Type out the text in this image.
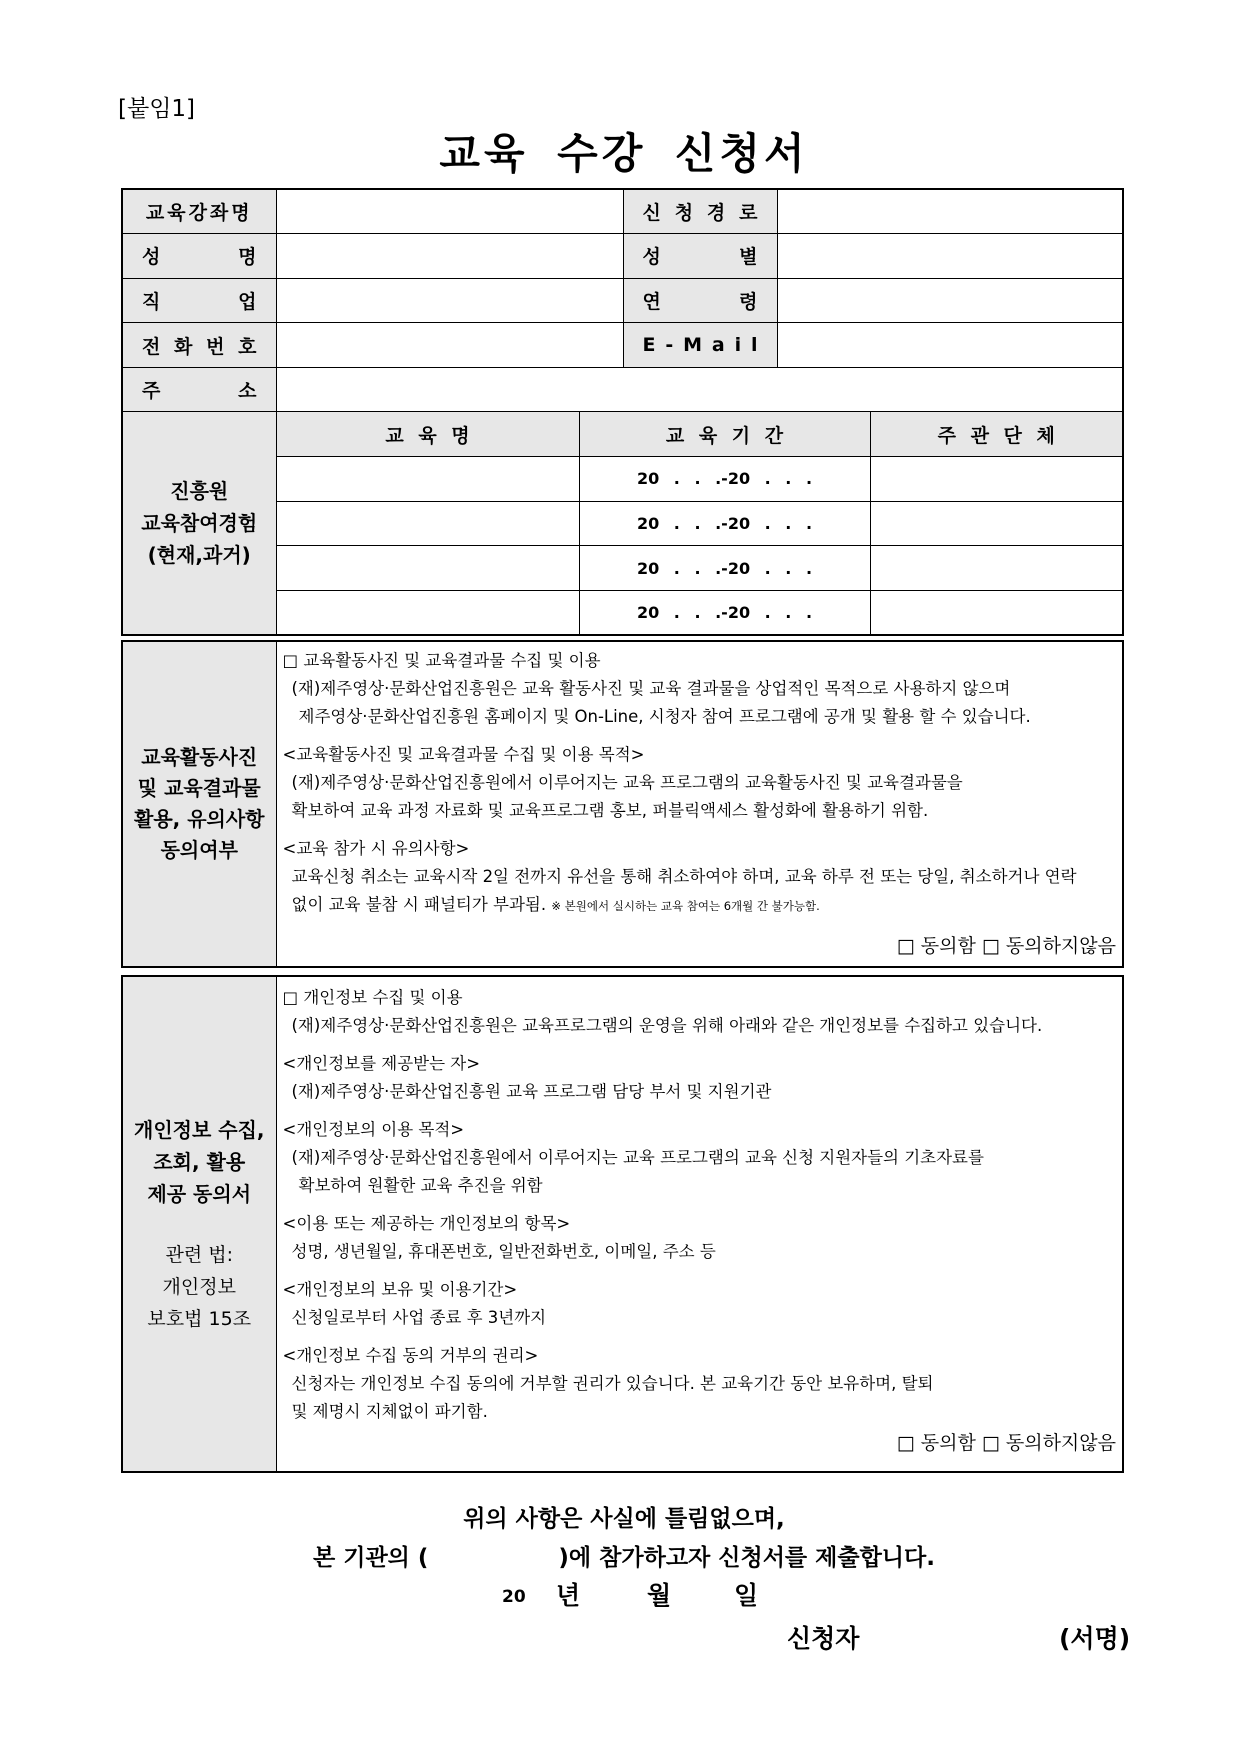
[붙임1]
교육 수강 신청서
교육강좌명			신 청 경 로		
성 명			성 별		
직 업			연 령		
전 화 번 호			E - M a i l		
주 소					

진흥원
교육참여경험
(현재,과거)	교 육 명	교 육 기 간			주 관 단 체
		20 . . .-20 . . .			
		20 . . .-20 . . .			
		20 . . .-20 . . .			
		20 . . .-20 . . .			
교육활동사진
및 교육결과물
활용, 유의사항
동의여부

□ 교육활동사진 및 교육결과물 수집 및 이용
(재)제주영상·문화산업진흥원은 교육 활동사진 및 교육 결과물을 상업적인 목적으로 사용하지 않으며
제주영상·문화산업진흥원 홈페이지 및 On-Line, 시청자 참여 프로그램에 공개 및 활용 할 수 있습니다.
<교육활동사진 및 교육결과물 수집 및 이용 목적>
(재)제주영상·문화산업진흥원에서 이루어지는 교육 프로그램의 교육활동사진 및 교육결과물을
확보하여 교육 과정 자료화 및 교육프로그램 홍보, 퍼블릭액세스 활성화에 활용하기 위함.
<교육 참가 시 유의사항>
교육신청 취소는 교육시작 2일 전까지 유선을 통해 취소하여야 하며, 교육 하루 전 또는 당일, 취소하거나 연락
없이 교육 불참 시 패널티가 부과됨. ※ 본원에서 실시하는 교육 참여는 6개월 간 불가능함.
□ 동의함 □ 동의하지않음
개인정보 수집,
조회, 활용
제공 동의서
관련 법:
개인정보
보호법 15조

□ 개인정보 수집 및 이용
(재)제주영상·문화산업진흥원은 교육프로그램의 운영을 위해 아래와 같은 개인정보를 수집하고 있습니다.
<개인정보를 제공받는 자>
(재)제주영상·문화산업진흥원 교육 프로그램 담당 부서 및 지원기관
<개인정보의 이용 목적>
(재)제주영상·문화산업진흥원에서 이루어지는 교육 프로그램의 교육 신청 지원자들의 기초자료를
확보하여 원활한 교육 추진을 위함
<이용 또는 제공하는 개인정보의 항목>
성명, 생년월일, 휴대폰번호, 일반전화번호, 이메일, 주소 등
<개인정보의 보유 및 이용기간>
신청일로부터 사업 종료 후 3년까지
<개인정보 수집 동의 거부의 권리>
신청자는 개인정보 수집 동의에 거부할 권리가 있습니다. 본 교육기간 동안 보유하며, 탈퇴
및 제명시 지체없이 파기함.
□ 동의함 □ 동의하지않음
위의 사항은 사실에 틀림없으며,
본 기관의 (	)에 참가하고자 신청서를 제출합니다.
20 년	월	일
신청자	(서명)
